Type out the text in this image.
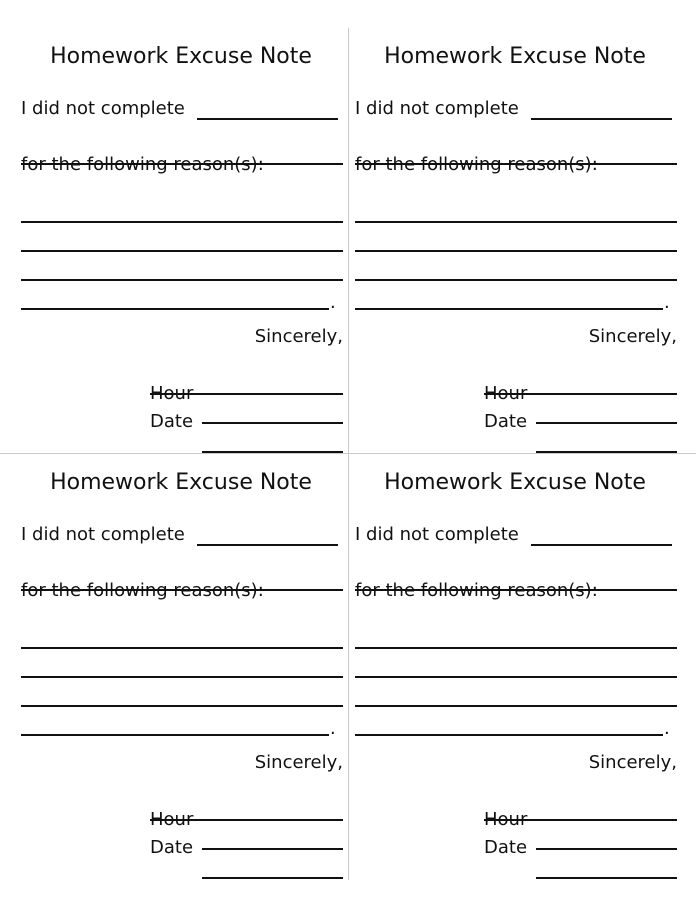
Homework Excuse Note
I did not complete
for the following reason(s):
.
Sincerely,
Hour
Date
Homework Excuse Note
I did not complete
for the following reason(s):
.
Sincerely,
Hour
Date
Homework Excuse Note
I did not complete
for the following reason(s):
.
Sincerely,
Hour
Date
Homework Excuse Note
I did not complete
for the following reason(s):
.
Sincerely,
Hour
Date
